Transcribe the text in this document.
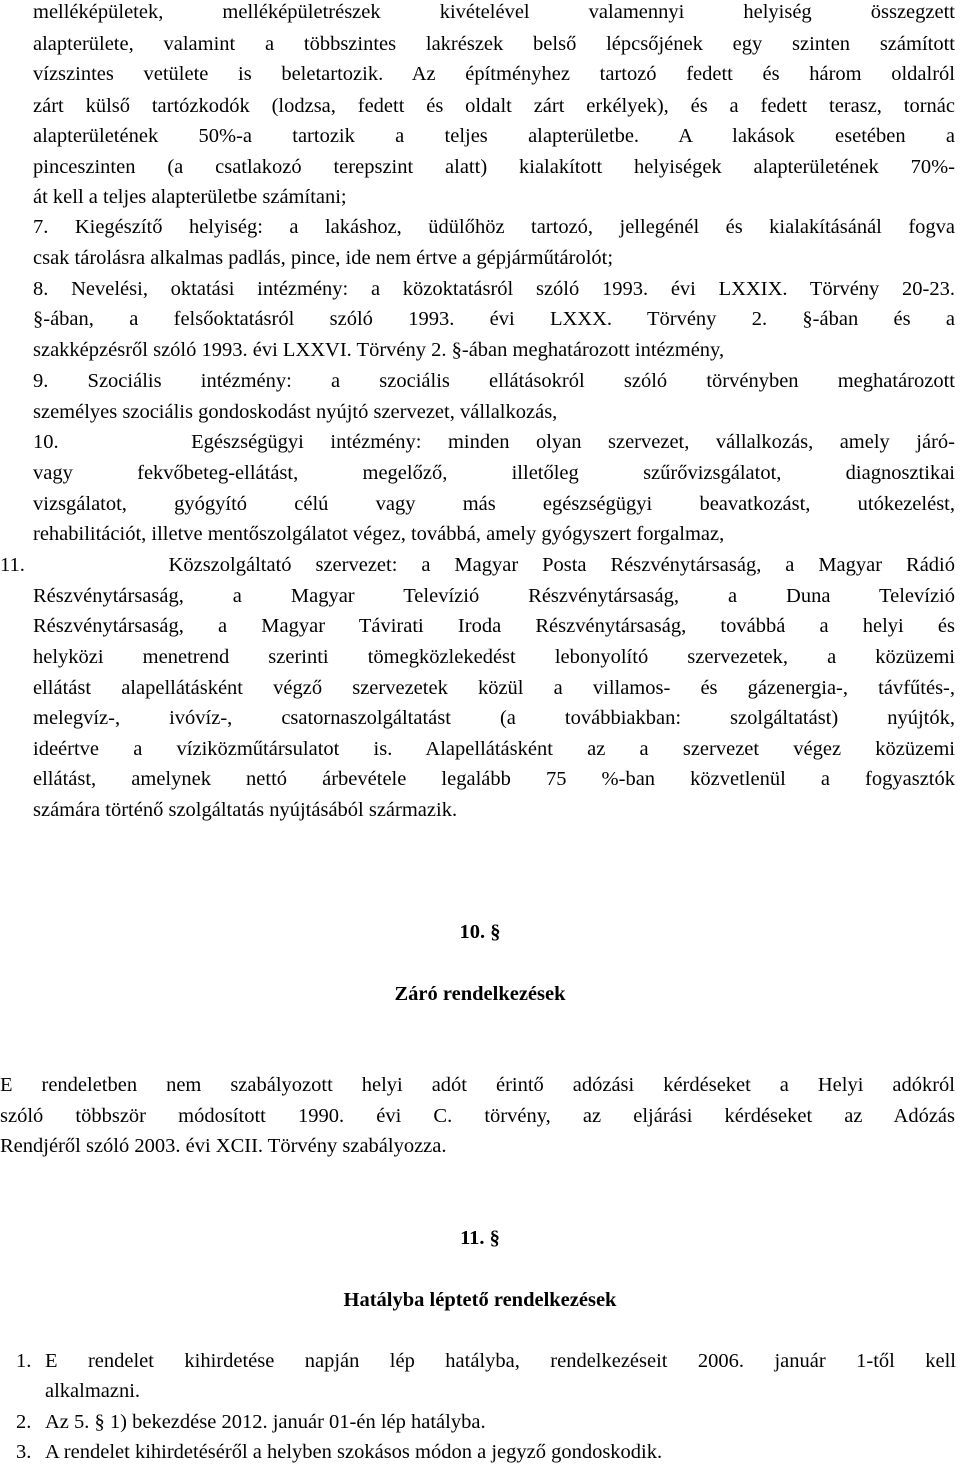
melléképületek, melléképületrészek kivételével valamennyi helyiség összegzett
alapterülete, valamint a többszintes lakrészek belső lépcsőjének egy szinten számított
vízszintes vetülete is beletartozik. Az építményhez tartozó fedett és három oldalról
zárt külső tartózkodók (lodzsa, fedett és oldalt zárt erkélyek), és a fedett terasz, tornác
alapterületének 50%-a tartozik a teljes alapterületbe. A lakások esetében a
pinceszinten (a csatlakozó terepszint alatt) kialakított helyiségek alapterületének 70%-
át kell a teljes alapterületbe számítani;
7. Kiegészítő helyiség: a lakáshoz, üdülőhöz tartozó, jellegénél és kialakításánál fogva
csak tárolásra alkalmas padlás, pince, ide nem értve a gépjárműtárolót;
8. Nevelési, oktatási intézmény: a közoktatásról szóló 1993. évi LXXIX. Törvény 20-23.
§-ában, a felsőoktatásról szóló 1993. évi LXXX. Törvény 2. §-ában és a
szakképzésről szóló 1993. évi LXXVI. Törvény 2. §-ában meghatározott intézmény,
9. Szociális intézmény: a szociális ellátásokról szóló törvényben meghatározott
személyes szociális gondoskodást nyújtó szervezet, vállalkozás,
10.     Egészségügyi intézmény: minden olyan szervezet, vállalkozás, amely járó-
vagy fekvőbeteg-ellátást, megelőző, illetőleg szűrővizsgálatot, diagnosztikai
vizsgálatot, gyógyító célú vagy más egészségügyi beavatkozást, utókezelést,
rehabilitációt, illetve mentőszolgálatot végez, továbbá, amely gyógyszert forgalmaz,
11.      Közszolgáltató szervezet: a Magyar Posta Részvénytársaság, a Magyar Rádió
Részvénytársaság, a Magyar Televízió Részvénytársaság, a Duna Televízió
Részvénytársaság, a Magyar Távirati Iroda Részvénytársaság, továbbá a helyi és
helyközi menetrend szerinti tömegközlekedést lebonyolító szervezetek, a közüzemi
ellátást alapellátásként végző szervezetek közül a villamos- és gázenergia-, távfűtés-,
melegvíz-, ivóvíz-, csatornaszolgáltatást (a továbbiakban: szolgáltatást) nyújtók,
ideértve a víziközműtársulatot is. Alapellátásként az a szervezet végez közüzemi
ellátást, amelynek nettó árbevétele legalább 75 %-ban közvetlenül a fogyasztók
számára történő szolgáltatás nyújtásából származik.
10. §
Záró rendelkezések
E rendeletben nem szabályozott helyi adót érintő adózási kérdéseket a Helyi adókról
szóló többször módosított 1990. évi C. törvény, az eljárási kérdéseket az Adózás
Rendjéről szóló 2003. évi XCII. Törvény szabályozza.
11. §
Hatályba léptető rendelkezések
1. E rendelet kihirdetése napján lép hatályba, rendelkezéseit 2006. január 1-től kell
alkalmazni.
2. Az 5. § 1) bekezdése 2012. január 01-én lép hatályba.
3. A rendelet kihirdetéséről a helyben szokásos módon a jegyző gondoskodik.
